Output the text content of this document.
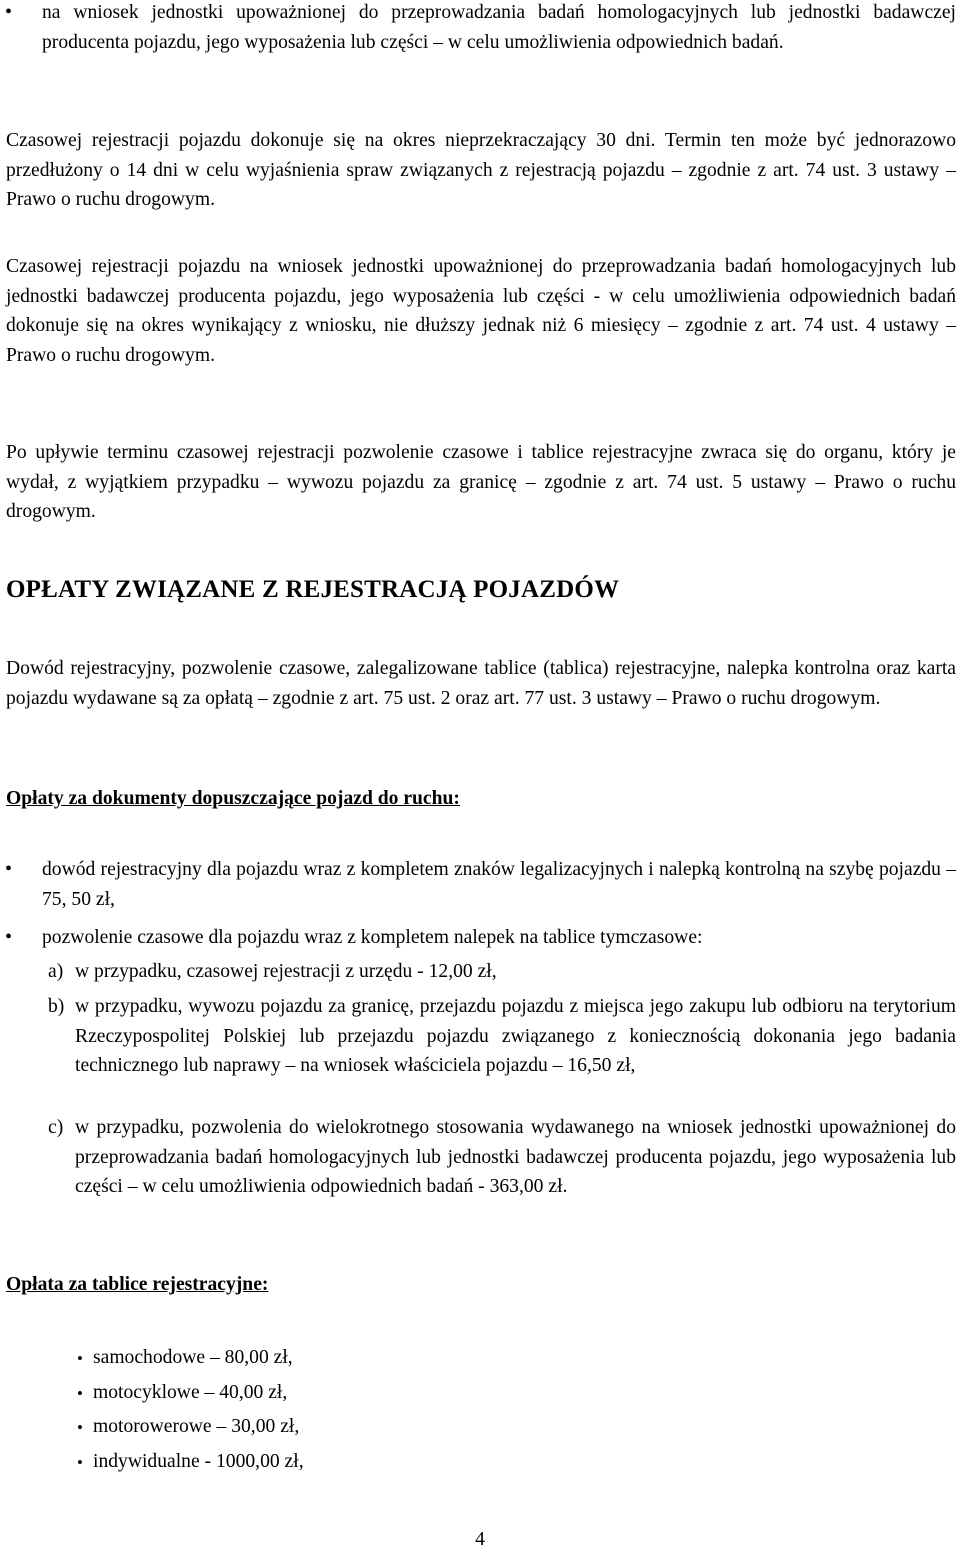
• na wniosek jednostki upoważnionej do przeprowadzania badań homologacyjnych lub jednostki badawczej producenta pojazdu, jego wyposażenia lub części – w celu umożliwienia odpowiednich badań.

Czasowej rejestracji pojazdu dokonuje się na okres nieprzekraczający 30 dni. Termin ten może być jednorazowo przedłużony o 14 dni w celu wyjaśnienia spraw związanych z rejestracją pojazdu – zgodnie z art. 74 ust. 3 ustawy – Prawo o ruchu drogowym.

Czasowej rejestracji pojazdu na wniosek jednostki upoważnionej do przeprowadzania badań homologacyjnych lub jednostki badawczej producenta pojazdu, jego wyposażenia lub części - w celu umożliwienia odpowiednich badań dokonuje się na okres wynikający z wniosku, nie dłuższy jednak niż 6 miesięcy – zgodnie z art. 74 ust. 4 ustawy – Prawo o ruchu drogowym.

Po upływie terminu czasowej rejestracji pozwolenie czasowe i tablice rejestracyjne zwraca się do organu, który je wydał, z wyjątkiem przypadku – wywozu pojazdu za granicę – zgodnie z art. 74 ust. 5 ustawy – Prawo o ruchu drogowym.

OPŁATY ZWIĄZANE Z REJESTRACJĄ POJAZDÓW

Dowód rejestracyjny, pozwolenie czasowe, zalegalizowane tablice (tablica) rejestracyjne, nalepka kontrolna oraz karta pojazdu wydawane są za opłatą – zgodnie z art. 75 ust. 2 oraz art. 77 ust. 3 ustawy – Prawo o ruchu drogowym.

Opłaty za dokumenty dopuszczające pojazd do ruchu:
• dowód rejestracyjny dla pojazdu wraz z kompletem znaków legalizacyjnych i nalepką kontrolną na szybę pojazdu – 75, 50 zł,

• pozwolenie czasowe dla pojazdu wraz z kompletem nalepek na tablice tymczasowe:

a) w przypadku, czasowej rejestracji z urzędu - 12,00 zł,

b) w przypadku, wywozu pojazdu za granicę, przejazdu pojazdu z miejsca jego zakupu lub odbioru na terytorium Rzeczypospolitej Polskiej lub przejazdu pojazdu związanego z koniecznością dokonania jego badania technicznego lub naprawy – na wniosek właściciela pojazdu – 16,50 zł,

c) w przypadku, pozwolenia do wielokrotnego stosowania wydawanego na wniosek jednostki upoważnionej do przeprowadzania badań homologacyjnych lub jednostki badawczej producenta pojazdu, jego wyposażenia lub części – w celu umożliwienia odpowiednich badań - 363,00 zł.

Opłata za tablice rejestracyjne:
• samochodowe – 80,00 zł,
• motocyklowe – 40,00 zł,
• motorowerowe – 30,00 zł,
• indywidualne - 1000,00 zł,
4
